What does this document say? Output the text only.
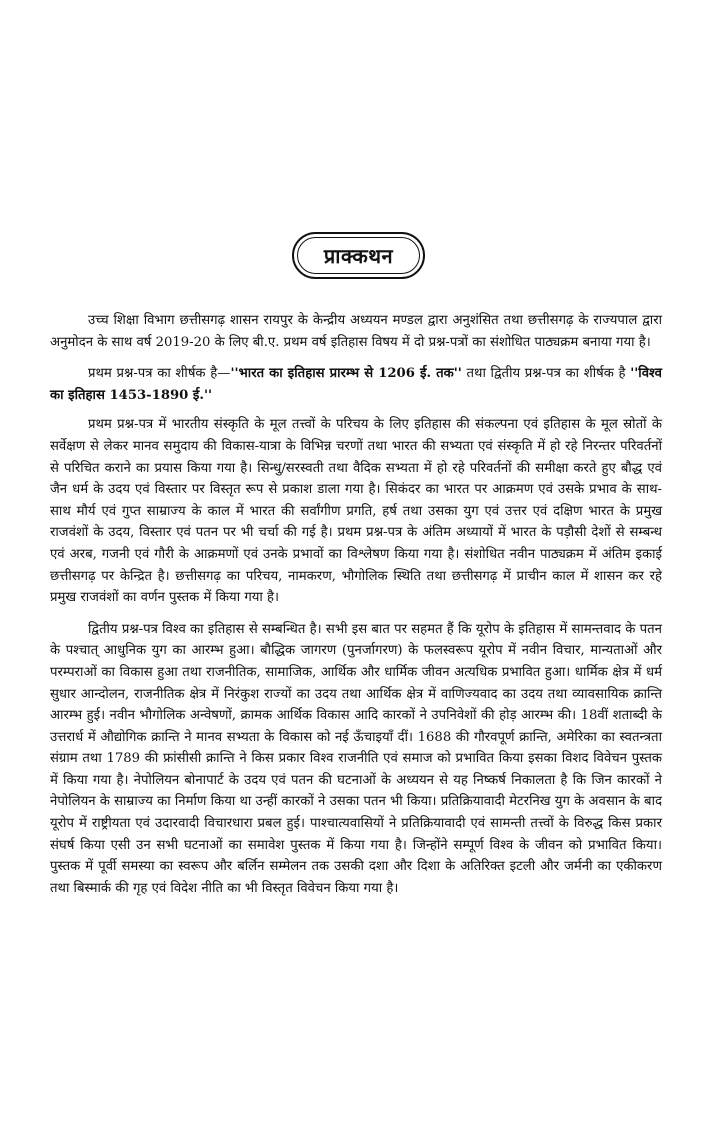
प्राक्कथन

उच्च शिक्षा विभाग छत्तीसगढ़ शासन रायपुर के केन्द्रीय अध्ययन मण्डल द्वारा अनुशंसित तथा छत्तीसगढ़ के राज्यपाल द्वारा अनुमोदन के साथ वर्ष 2019-20 के लिए बी.ए. प्रथम वर्ष इतिहास विषय में दो प्रश्न-पत्रों का संशोधित पाठ्यक्रम बनाया गया है।

प्रथम प्रश्न-पत्र का शीर्षक है—''भारत का इतिहास प्रारम्भ से 1206 ई. तक'' तथा द्वितीय प्रश्न-पत्र का शीर्षक है ''विश्व का इतिहास 1453-1890 ई.''

प्रथम प्रश्न-पत्र में भारतीय संस्कृति के मूल तत्त्वों के परिचय के लिए इतिहास की संकल्पना एवं इतिहास के मूल स्रोतों के सर्वेक्षण से लेकर मानव समुदाय की विकास-यात्रा के विभिन्न चरणों तथा भारत की सभ्यता एवं संस्कृति में हो रहे निरन्तर परिवर्तनों से परिचित कराने का प्रयास किया गया है। सिन्धु/सरस्वती तथा वैदिक सभ्यता में हो रहे परिवर्तनों की समीक्षा करते हुए बौद्ध एवं जैन धर्म के उदय एवं विस्तार पर विस्तृत रूप से प्रकाश डाला गया है। सिकंदर का भारत पर आक्रमण एवं उसके प्रभाव के साथ-साथ मौर्य एवं गुप्त साम्राज्य के काल में भारत की सर्वांगीण प्रगति, हर्ष तथा उसका युग एवं उत्तर एवं दक्षिण भारत के प्रमुख राजवंशों के उदय, विस्तार एवं पतन पर भी चर्चा की गई है। प्रथम प्रश्न-पत्र के अंतिम अध्यायों में भारत के पड़ौसी देशों से सम्बन्ध एवं अरब, गजनी एवं गौरी के आक्रमणों एवं उनके प्रभावों का विश्लेषण किया गया है। संशोधित नवीन पाठ्यक्रम में अंतिम इकाई छत्तीसगढ़ पर केन्द्रित है। छत्तीसगढ़ का परिचय, नामकरण, भौगोलिक स्थिति तथा छत्तीसगढ़ में प्राचीन काल में शासन कर रहे प्रमुख राजवंशों का वर्णन पुस्तक में किया गया है।

द्वितीय प्रश्न-पत्र विश्व का इतिहास से सम्बन्धित है। सभी इस बात पर सहमत हैं कि यूरोप के इतिहास में सामन्तवाद के पतन के पश्चात् आधुनिक युग का आरम्भ हुआ। बौद्धिक जागरण (पुनर्जागरण) के फलस्वरूप यूरोप में नवीन विचार, मान्यताओं और परम्पराओं का विकास हुआ तथा राजनीतिक, सामाजिक, आर्थिक और धार्मिक जीवन अत्यधिक प्रभावित हुआ। धार्मिक क्षेत्र में धर्म सुधार आन्दोलन, राजनीतिक क्षेत्र में निरंकुश राज्यों का उदय तथा आर्थिक क्षेत्र में वाणिज्यवाद का उदय तथा व्यावसायिक क्रान्ति आरम्भ हुई। नवीन भौगोलिक अन्वेषणों, क्रामक आर्थिक विकास आदि कारकों ने उपनिवेशों की होड़ आरम्भ की। 18वीं शताब्दी के उत्तरार्ध में औद्योगिक क्रान्ति ने मानव सभ्यता के विकास को नई ऊँचाइयाँ दीं। 1688 की गौरवपूर्ण क्रान्ति, अमेरिका का स्वतन्त्रता संग्राम तथा 1789 की फ्रांसीसी क्रान्ति ने किस प्रकार विश्व राजनीति एवं समाज को प्रभावित किया इसका विशद विवेचन पुस्तक में किया गया है। नेपोलियन बोनापार्ट के उदय एवं पतन की घटनाओं के अध्ययन से यह निष्कर्ष निकालता है कि जिन कारकों ने नेपोलियन के साम्राज्य का निर्माण किया था उन्हीं कारकों ने उसका पतन भी किया। प्रतिक्रियावादी मेटरनिख युग के अवसान के बाद यूरोप में राष्ट्रीयता एवं उदारवादी विचारधारा प्रबल हुई। पाश्चात्यवासियों ने प्रतिक्रियावादी एवं सामन्ती तत्त्वों के विरुद्ध किस प्रकार संघर्ष किया एसी उन सभी घटनाओं का समावेश पुस्तक में किया गया है। जिन्होंने सम्पूर्ण विश्व के जीवन को प्रभावित किया। पुस्तक में पूर्वी समस्या का स्वरूप और बर्लिन सम्मेलन तक उसकी दशा और दिशा के अतिरिक्त इटली और जर्मनी का एकीकरण तथा बिस्मार्क की गृह एवं विदेश नीति का भी विस्तृत विवेचन किया गया है।
